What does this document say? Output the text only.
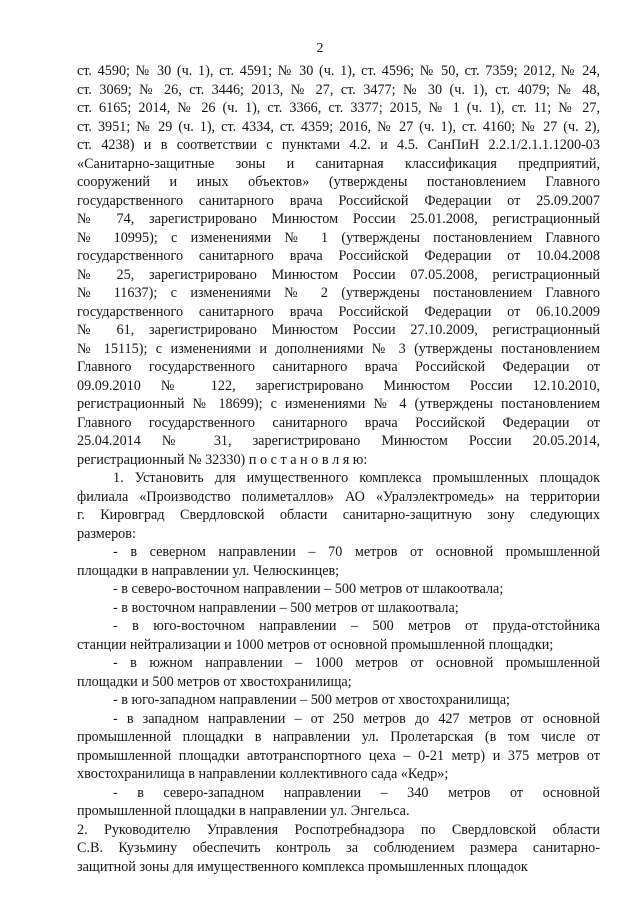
2
ст. 4590; № 30 (ч. 1), ст. 4591; № 30 (ч. 1), ст. 4596; № 50, ст. 7359; 2012, № 24,
ст. 3069; № 26, ст. 3446; 2013, № 27, ст. 3477; № 30 (ч. 1), ст. 4079; № 48,
ст. 6165; 2014, № 26 (ч. 1), ст. 3366, ст. 3377; 2015, № 1 (ч. 1), ст. 11; № 27,
ст. 3951; № 29 (ч. 1), ст. 4334, ст. 4359; 2016, № 27 (ч. 1), ст. 4160; № 27 (ч. 2),
ст. 4238) и в соответствии с пунктами 4.2. и 4.5. СанПиН 2.2.1/2.1.1.1200-03
«Санитарно-защитные зоны и санитарная классификация предприятий,
сооружений и иных объектов» (утверждены постановлением Главного
государственного санитарного врача Российской Федерации от 25.09.2007
№ 74, зарегистрировано Минюстом России 25.01.2008, регистрационный
№ 10995); с изменениями № 1 (утверждены постановлением Главного
государственного санитарного врача Российской Федерации от 10.04.2008
№ 25, зарегистрировано Минюстом России 07.05.2008, регистрационный
№ 11637); с изменениями № 2 (утверждены постановлением Главного
государственного санитарного врача Российской Федерации от 06.10.2009
№ 61, зарегистрировано Минюстом России 27.10.2009, регистрационный
№ 15115); с изменениями и дополнениями № 3 (утверждены постановлением
Главного государственного санитарного врача Российской Федерации от
09.09.2010 № 122, зарегистрировано Минюстом России 12.10.2010,
регистрационный № 18699); с изменениями № 4 (утверждены постановлением
Главного государственного санитарного врача Российской Федерации от
25.04.2014 № 31, зарегистрировано Минюстом России 20.05.2014,
регистрационный № 32330) п о с т а н о в л я ю:
1. Установить для имущественного комплекса промышленных площадок
филиала «Производство полиметаллов» АО «Уралэлектромедь» на территории
г. Кировград Свердловской области санитарно-защитную зону следующих
размеров:
- в северном направлении – 70 метров от основной промышленной
площадки в направлении ул. Челюскинцев;
- в северо-восточном направлении – 500 метров от шлакоотвала;
- в восточном направлении – 500 метров от шлакоотвала;
- в юго-восточном направлении – 500 метров от пруда-отстойника
станции нейтрализации и 1000 метров от основной промышленной площадки;
- в южном направлении – 1000 метров от основной промышленной
площадки и 500 метров от хвостохранилища;
- в юго-западном направлении – 500 метров от хвостохранилища;
- в западном направлении – от 250 метров до 427 метров от основной
промышленной площадки в направлении ул. Пролетарская (в том числе от
промышленной площадки автотранспортного цеха – 0-21 метр) и 375 метров от
хвостохранилища в направлении коллективного сада «Кедр»;
- в северо-западном направлении – 340 метров от основной
промышленной площадки в направлении ул. Энгельса.
2. Руководителю Управления Роспотребнадзора по Свердловской области
С.В. Кузьмину обеспечить контроль за соблюдением размера санитарно-
защитной зоны для имущественного комплекса промышленных площадок
